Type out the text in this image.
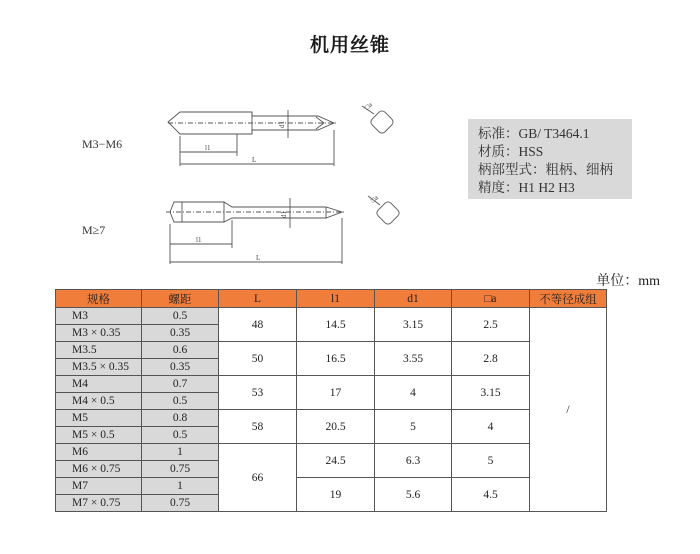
机用丝锥
d1
l1
L
□a
d1
l1
L
□a
M3−M6
M≥7
标准：GB/ T3464.1
材质：HSS
柄部型式：粗柄、细柄
精度：H1 H2 H3
单位：mm
规格	螺距	L	l1	d1	□a	不等径成组
M3	0.5	48	14.5	3.15	2.5	/
M3 × 0.35	0.35					
M3.5	0.6	50	16.5	3.55	2.8	
M3.5 × 0.35	0.35					
M4	0.7	53	17	4	3.15	
M4 × 0.5	0.5					
M5	0.8	58	20.5	5	4	
M5 × 0.5	0.5					
M6	1	66	24.5	6.3	5	
M6 × 0.75	0.75					
M7	1		19	5.6	4.5	
M7 × 0.75	0.75					
